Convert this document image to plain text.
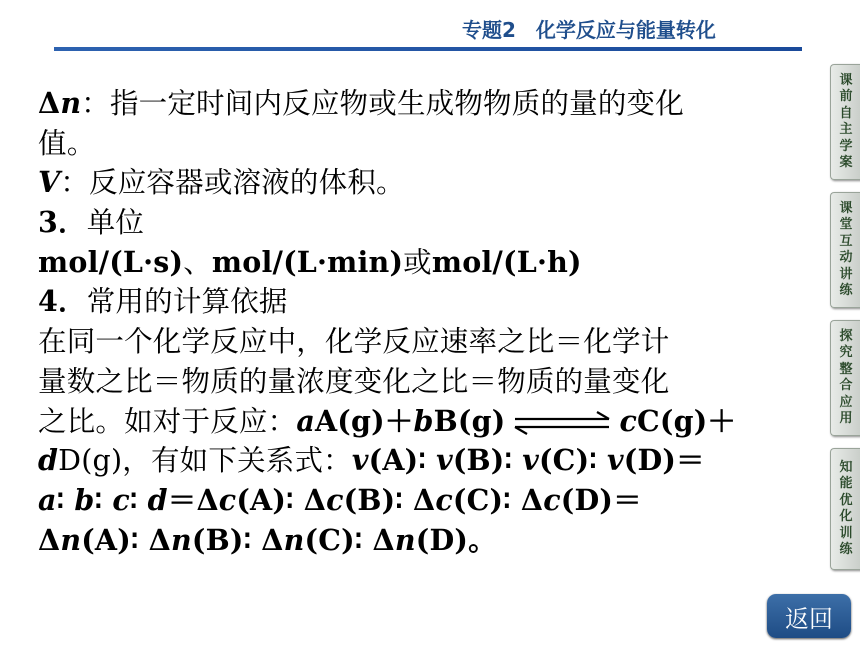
专题2　化学反应与能量转化
Δn：指一定时间内反应物或生成物物质的量的变化
值。
V：反应容器或溶液的体积。
3．单位
mol/(L·s)、mol/(L·min)或mol/(L·h)
4．常用的计算依据
在同一个化学反应中，化学反应速率之比＝化学计
量数之比＝物质的量浓度变化之比＝物质的量变化
之比。如对于反应：aA(g)＋bB(g) ⇌ cC(g)＋
dD(g)，有如下关系式：v(A)∶ v(B)∶ v(C)∶ v(D)＝
a∶ b∶ c∶ d＝Δc(A)∶ Δc(B)∶ Δc(C)∶ Δc(D)＝
Δn(A)∶ Δn(B)∶ Δn(C)∶ Δn(D)。
课
前
自
主
学
案
课
堂
互
动
讲
练
探
究
整
合
应
用
知
能
优
化
训
练
返回
